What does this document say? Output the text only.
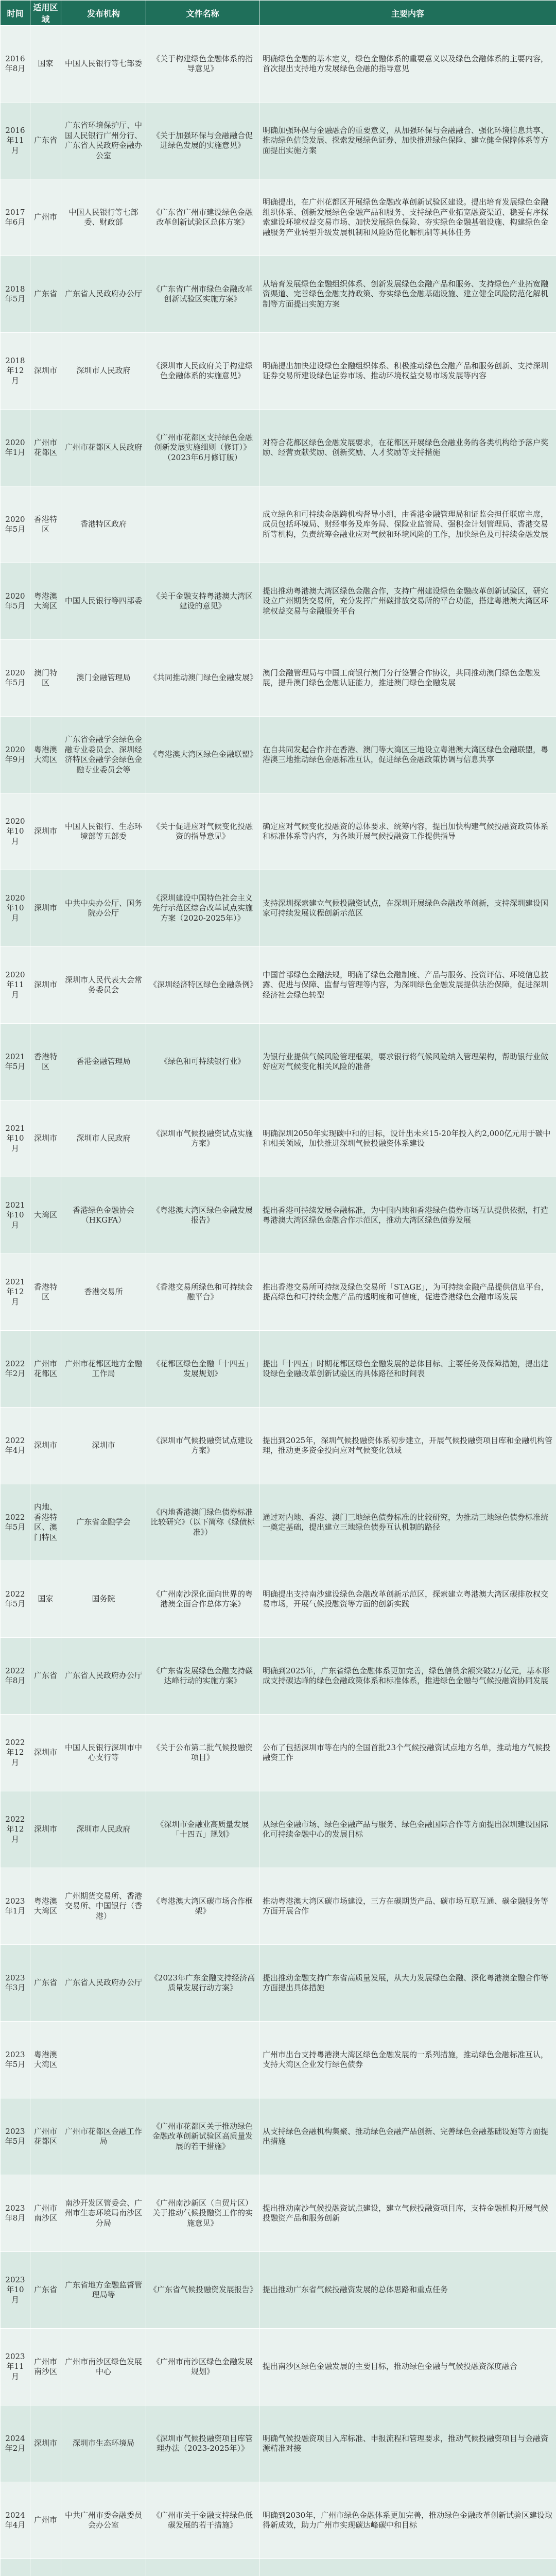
时间	适用区域	发布机构	文件名称	主要内容
2016年8月	国家	中国人民银行等七部委	《关于构建绿色金融体系的指导意见》	明确绿色金融的基本定义，绿色金融体系的重要意义以及绿色金融体系的主要内容，首次提出支持地方发展绿色金融的指导意见
2016年11月	广东省	广东省环境保护厅、中国人民银行广州分行、广东省人民政府金融办公室	《关于加强环保与金融融合促进绿色发展的实施意见》	明确加强环保与金融融合的重要意义，从加强环保与金融融合、强化环境信息共享、推动绿色信贷发展、探索发展绿色证券、加快推进绿色保险、建立健全保障体系等方面提出实施方案
2017年6月	广州市	中国人民银行等七部委、财政部	《广东省广州市建设绿色金融改革创新试验区总体方案》	明确提出，在广州花都区开展绿色金融改革创新试验区建设。提出培育发展绿色金融组织体系、创新发展绿色金融产品和服务、支持绿色产业拓宽融资渠道、稳妥有序探索建设环境权益交易市场、加快发展绿色保险、夯实绿色金融基础设施、构建绿色金融服务产业转型升级发展机制和风险防范化解机制等具体任务
2018年5月	广东省	广东省人民政府办公厅	《广东省广州市绿色金融改革创新试验区实施方案》	从培育发展绿色金融组织体系、创新发展绿色金融产品和服务、支持绿色产业拓宽融资渠道、完善绿色金融支持政策、夯实绿色金融基础设施、建立健全风险防范化解机制等方面提出实施方案
2018年12月	深圳市	深圳市人民政府	《深圳市人民政府关于构建绿色金融体系的实施意见》	明确提出加快建设绿色金融组织体系、积极推动绿色金融产品和服务创新、支持深圳证券交易所建设绿色证券市场、推动环境权益交易市场发展等内容
2020年1月	广州市花都区	广州市花都区人民政府	《广州市花都区支持绿色金融创新发展实施细则（修订）》（2023年6月修订版）	对符合花都区绿色金融发展要求，在花都区开展绿色金融业务的各类机构给予落户奖励、经营贡献奖励、创新奖励、人才奖励等支持措施
2020年5月	香港特区	香港特区政府		成立绿色和可持续金融跨机构督导小组，由香港金融管理局和证监会担任联席主席，成员包括环境局、财经事务及库务局、保险业监管局、强积金计划管理局、香港交易所等机构，负责统筹金融业应对气候和环境风险的工作，加快绿色及可持续金融发展
2020年5月	粤港澳大湾区	中国人民银行等四部委	《关于金融支持粤港澳大湾区建设的意见》	提出推动粤港澳大湾区绿色金融合作，支持广州建设绿色金融改革创新试验区，研究设立广州期货交易所，充分发挥广州碳排放交易所的平台功能，搭建粤港澳大湾区环境权益交易与金融服务平台
2020年5月	澳门特区	澳门金融管理局	《共同推动澳门绿色金融发展》	澳门金融管理局与中国工商银行澳门分行签署合作协议，共同推动澳门绿色金融发展，提升澳门绿色金融认证能力，推进澳门绿色金融发展
2020年9月	粤港澳大湾区	广东省金融学会绿色金融专业委员会、深圳经济特区金融学会绿色金融专业委员会等	《粤港澳大湾区绿色金融联盟》	在自共同发起合作并在香港、澳门等大湾区三地设立粤港澳大湾区绿色金融联盟，粤港澳三地推动绿色金融标准互认，促进绿色金融政策协调与信息共享
2020年10月	深圳市	中国人民银行、生态环境部等五部委	《关于促进应对气候变化投融资的指导意见》	确定应对气候变化投融资的总体要求、统筹内容，提出加快构建气候投融资政策体系和标准体系等内容，为各地开展气候投融资工作提供指导
2020年10月	深圳市	中共中央办公厅、国务院办公厅	《深圳建设中国特色社会主义先行示范区综合改革试点实施方案（2020-2025年）》	支持深圳探索建立气候投融资试点，在深圳开展绿色金融改革创新，支持深圳建设国家可持续发展议程创新示范区
2020年11月	深圳市	深圳市人民代表大会常务委员会	《深圳经济特区绿色金融条例》	中国首部绿色金融法规，明确了绿色金融制度、产品与服务、投资评估、环境信息披露、促进与保障、监督与管理等内容，为深圳绿色金融发展提供法治保障，促进深圳经济社会绿色转型
2021年5月	香港特区	香港金融管理局	《绿色和可持续银行业》	为银行业提供气候风险管理框架，要求银行将气候风险纳入管理架构，帮助银行业做好应对气候变化相关风险的准备
2021年10月	深圳市	深圳市人民政府	《深圳市气候投融资试点实施方案》	明确深圳2050年实现碳中和的目标，设计出未来15-20年投入约2,000亿元用于碳中和相关领域，加快推进深圳气候投融资体系建设
2021年10月	大湾区	香港绿色金融协会（HKGFA）	《粤港澳大湾区绿色金融发展报告》	提出香港可持续发展金融标准，为中国内地和香港绿色债券市场互认提供依据，打造粤港澳大湾区绿色金融合作示范区，推动大湾区绿色债券发展
2021年12月	香港特区	香港交易所	《香港交易所绿色和可持续金融平台》	推出香港交易所可持续及绿色交易所「STAGE」，为可持续金融产品提供信息平台，提高绿色和可持续金融产品的透明度和可信度，促进香港绿色金融市场发展
2022年2月	广州市花都区	广州市花都区地方金融工作局	《花都区绿色金融「十四五」发展规划》	提出「十四五」时期花都区绿色金融发展的总体目标、主要任务及保障措施，提出建设绿色金融改革创新试验区的具体路径和时间表
2022年4月	深圳市	深圳市	《深圳市气候投融资试点建设方案》	提出到2025年，深圳气候投融资体系初步建立，开展气候投融资项目库和金融机构管理，推动更多资金投向应对气候变化领域
2022年5月	内地、香港特区、澳门特区	广东省金融学会	《内地香港澳门绿色债券标准比较研究》（以下简称《绿债标准》）	通过对内地、香港、澳门三地绿色债券标准的比较研究，为推动三地绿色债券标准统一奠定基础，提出建立三地绿色债券互认机制的路径
2022年5月	国家	国务院	《广州南沙深化面向世界的粤港澳全面合作总体方案》	明确提出支持南沙建设绿色金融改革创新示范区，探索建立粤港澳大湾区碳排放权交易市场，开展气候投融资等方面的创新实践
2022年8月	广东省	广东省人民政府办公厅	《广东省发展绿色金融支持碳达峰行动的实施方案》	明确到2025年，广东省绿色金融体系更加完善，绿色信贷余额突破2万亿元，基本形成支持碳达峰的绿色金融政策体系和标准体系，推进绿色金融与气候投融资协同发展
2022年12月	深圳市	中国人民银行深圳市中心支行等	《关于公布第二批气候投融资项目》	公布了包括深圳市等在内的全国首批23个气候投融资试点地方名单，推动地方气候投融资工作
2022年12月	深圳市	深圳市人民政府	《深圳市金融业高质量发展「十四五」规划》	从绿色金融市场、绿色金融产品与服务、绿色金融国际合作等方面提出深圳建设国际化可持续金融中心的发展目标
2023年1月	粤港澳大湾区	广州期货交易所、香港交易所、中国银行（香港）	《粤港澳大湾区碳市场合作框架》	推动粤港澳大湾区碳市场建设，三方在碳期货产品、碳市场互联互通、碳金融服务等方面开展合作
2023年3月	广东省	广东省人民政府办公厅	《2023年广东金融支持经济高质量发展行动方案》	提出推动金融支持广东省高质量发展，从大力发展绿色金融、深化粤港澳金融合作等方面提出具体措施
2023年5月	粤港澳大湾区			广州市出台支持粤港澳大湾区绿色金融发展的一系列措施，推动绿色金融标准互认，支持大湾区企业发行绿色债券
2023年5月	广州市花都区	广州市花都区金融工作局	《广州市花都区关于推动绿色金融改革创新试验区高质量发展的若干措施》	从支持绿色金融机构集聚、推动绿色金融产品创新、完善绿色金融基础设施等方面提出措施
2023年8月	广州市南沙区	南沙开发区管委会、广州市生态环境局南沙区分局	《广州南沙新区（自贸片区）关于推动气候投融资工作的实施意见》	提出推动南沙气候投融资试点建设，建立气候投融资项目库，支持金融机构开展气候投融资产品和服务创新
2023年10月	广东省	广东省地方金融监督管理局等	《广东省气候投融资发展报告》	提出推动广东省气候投融资发展的总体思路和重点任务
2023年11月	广州市南沙区	广州市南沙区绿色发展中心	《广州市南沙区绿色金融发展规划》	提出南沙区绿色金融发展的主要目标，推动绿色金融与气候投融资深度融合
2024年2月	深圳市	深圳市生态环境局	《深圳市气候投融资项目库管理办法（2023-2025年）》	明确气候投融资项目入库标准、申报流程和管理要求，推动气候投融资项目与金融资源精准对接
2024年4月	广州市	中共广州市委金融委员会办公室	《广州市关于金融支持绿色低碳发展的若干措施》	明确到2030年，广州市绿色金融体系更加完善，推动绿色金融改革创新试验区建设取得新成效，助力广州市实现碳达峰碳中和目标
